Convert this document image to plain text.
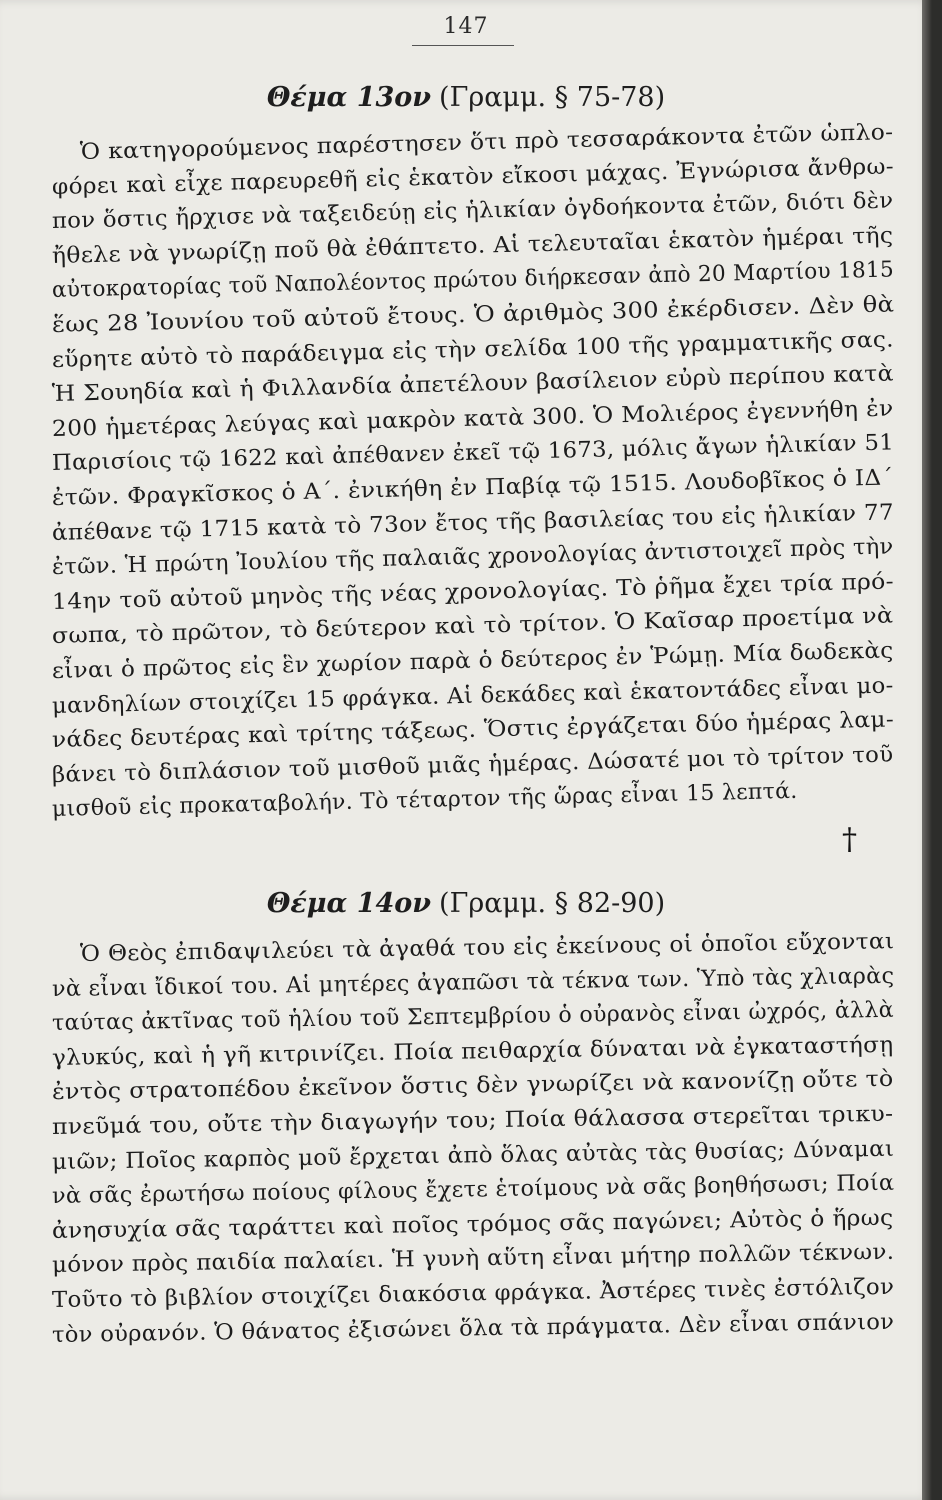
147
Θέμα 13ον (Γραμμ. § 75-78)
Ὁ κατηγορούμενος παρέστησεν ὅτι πρὸ τεσσαράκοντα ἐτῶν ὡπλο-
φόρει καὶ εἶχε παρευρεθῆ εἰς ἑκατὸν εἴκοσι μάχας. Ἐγνώρισα ἄνθρω-
πον ὅστις ἤρχισε νὰ ταξειδεύῃ εἰς ἡλικίαν ὀγδοήκοντα ἐτῶν, διότι δὲν
ἤθελε νὰ γνωρίζῃ ποῦ θὰ ἐθάπτετο. Αἱ τελευταῖαι ἑκατὸν ἡμέραι τῆς
αὐτοκρατορίας τοῦ Ναπολέοντος πρώτου διήρκεσαν ἀπὸ 20 Μαρτίου 1815
ἕως 28 Ἰουνίου τοῦ αὐτοῦ ἔτους. Ὁ ἀριθμὸς 300 ἐκέρδισεν. Δὲν θὰ
εὕρητε αὐτὸ τὸ παράδειγμα εἰς τὴν σελίδα 100 τῆς γραμματικῆς σας.
Ἡ Σουηδία καὶ ἡ Φιλλανδία ἀπετέλουν βασίλειον εὐρὺ περίπου κατὰ
200 ἡμετέρας λεύγας καὶ μακρὸν κατὰ 300. Ὁ Μολιέρος ἐγεννήθη ἐν
Παρισίοις τῷ 1622 καὶ ἀπέθανεν ἐκεῖ τῷ 1673, μόλις ἄγων ἡλικίαν 51
ἐτῶν. Φραγκῖσκος ὁ Α΄. ἐνικήθη ἐν Παβίᾳ τῷ 1515. Λουδοβῖκος ὁ ΙΔ΄
ἀπέθανε τῷ 1715 κατὰ τὸ 73ον ἔτος τῆς βασιλείας του εἰς ἡλικίαν 77
ἐτῶν. Ἡ πρώτη Ἰουλίου τῆς παλαιᾶς χρονολογίας ἀντιστοιχεῖ πρὸς τὴν
14ην τοῦ αὐτοῦ μηνὸς τῆς νέας χρονολογίας. Τὸ ῥῆμα ἔχει τρία πρό-
σωπα, τὸ πρῶτον, τὸ δεύτερον καὶ τὸ τρίτον. Ὁ Καῖσαρ προετίμα νὰ
εἶναι ὁ πρῶτος εἰς ἓν χωρίον παρὰ ὁ δεύτερος ἐν Ῥώμῃ. Μία δωδεκὰς
μανδηλίων στοιχίζει 15 φράγκα. Αἱ δεκάδες καὶ ἑκατοντάδες εἶναι μο-
νάδες δευτέρας καὶ τρίτης τάξεως. Ὅστις ἐργάζεται δύο ἡμέρας λαμ-
βάνει τὸ διπλάσιον τοῦ μισθοῦ μιᾶς ἡμέρας. Δώσατέ μοι τὸ τρίτον τοῦ
μισθοῦ εἰς προκαταβολήν. Τὸ τέταρτον τῆς ὥρας εἶναι 15 λεπτά.
†
Θέμα 14ον (Γραμμ. § 82-90)
Ὁ Θεὸς ἐπιδαψιλεύει τὰ ἀγαθά του εἰς ἐκείνους οἱ ὁποῖοι εὔχονται
νὰ εἶναι ἴδικοί του. Αἱ μητέρες ἀγαπῶσι τὰ τέκνα των. Ὑπὸ τὰς χλιαρὰς
ταύτας ἀκτῖνας τοῦ ἡλίου τοῦ Σεπτεμβρίου ὁ οὐρανὸς εἶναι ὠχρός, ἀλλὰ
γλυκύς, καὶ ἡ γῆ κιτρινίζει. Ποία πειθαρχία δύναται νὰ ἐγκαταστήσῃ
ἐντὸς στρατοπέδου ἐκεῖνον ὅστις δὲν γνωρίζει νὰ κανονίζῃ οὔτε τὸ
πνεῦμά του, οὔτε τὴν διαγωγήν του; Ποία θάλασσα στερεῖται τρικυ-
μιῶν; Ποῖος καρπὸς μοῦ ἔρχεται ἀπὸ ὅλας αὐτὰς τὰς θυσίας; Δύναμαι
νὰ σᾶς ἐρωτήσω ποίους φίλους ἔχετε ἑτοίμους νὰ σᾶς βοηθήσωσι; Ποία
ἀνησυχία σᾶς ταράττει καὶ ποῖος τρόμος σᾶς παγώνει; Αὐτὸς ὁ ἥρως
μόνον πρὸς παιδία παλαίει. Ἡ γυνὴ αὕτη εἶναι μήτηρ πολλῶν τέκνων.
Τοῦτο τὸ βιβλίον στοιχίζει διακόσια φράγκα. Ἀστέρες τινὲς ἐστόλιζον
τὸν οὐρανόν. Ὁ θάνατος ἐξισώνει ὅλα τὰ πράγματα. Δὲν εἶναι σπάνιον
